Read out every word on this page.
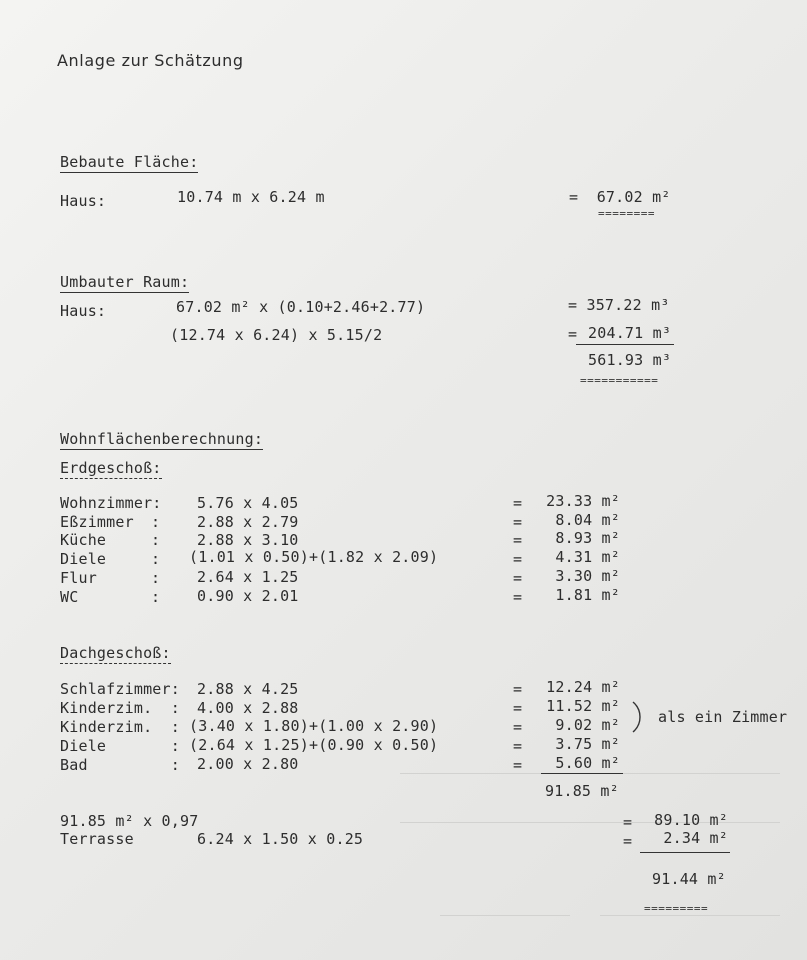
Anlage zur Schätzung
Bebaute Fläche:
Haus:	10.74 m x 6.24 m	=  67.02 m²
========
Umbauter Raum:
Haus:	67.02 m² x (0.10+2.46+2.77)	= 357.22 m³
(12.74 x 6.24) x 5.15/2	= 204.71 m³
561.93 m³
===========
Wohnflächenberechnung:
Erdgeschoß:
Wohnzimmer: 5.76 x 4.05	=	23.33 m²
Eßzimmer : 2.88 x 2.79	=	8.04 m²
Küche	: 2.88 x 3.10	=	8.93 m²
Diele	: (1.01 x 0.50)+(1.82 x 2.09)	=	4.31 m²
Flur	: 2.64 x 1.25	=	3.30 m²
WC	: 0.90 x 2.01	=	1.81 m²
Dachgeschoß:
Schlafzimmer: 2.88 x 4.25	=	12.24 m²
Kinderzim.  : 4.00 x 2.88	=	11.52 m²
Kinderzim.  : (3.40 x 1.80)+(1.00 x 2.90)	=	9.02 m²
Diele       : (2.64 x 1.25)+(0.90 x 0.50)	=	3.75 m²
Bad         : 2.00 x 2.80	=	5.60 m²
als ein Zimmer
91.85 m²
91.85 m² x 0,97	=	89.10 m²
Terrasse	6.24 x 1.50 x 0.25	=	2.34 m²
91.44 m²
=========
